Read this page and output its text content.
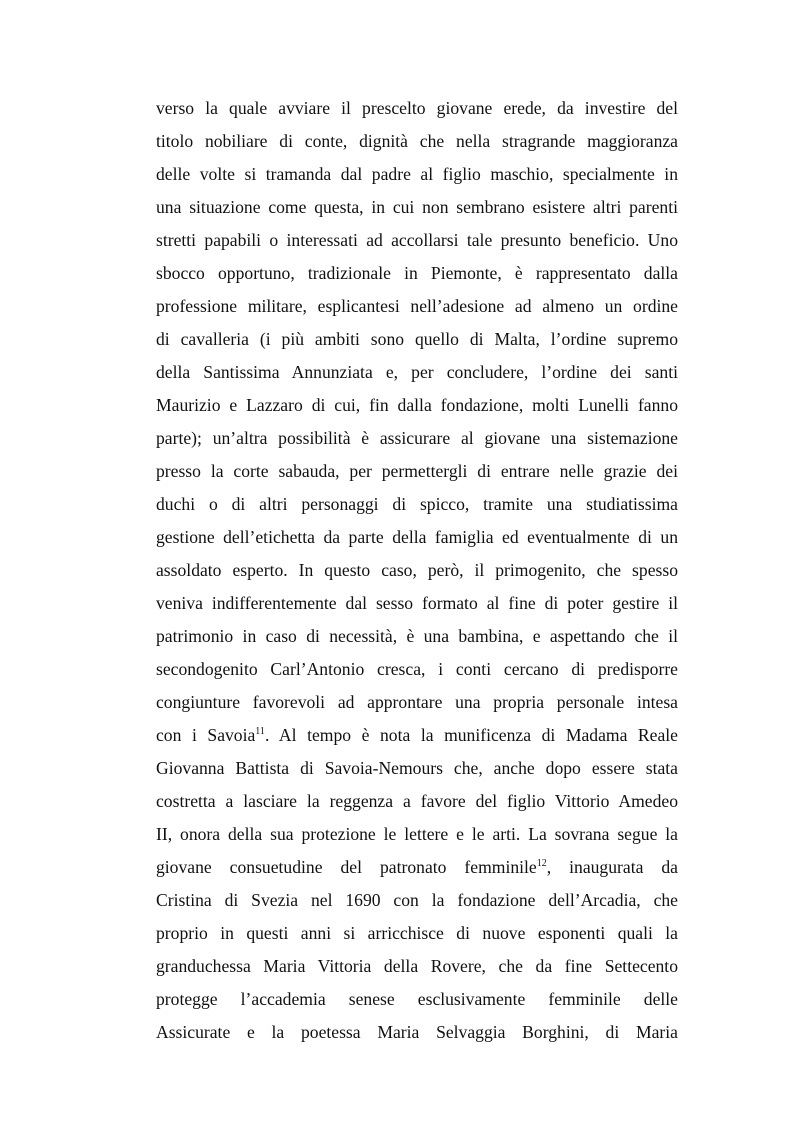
verso la quale avviare il prescelto giovane erede, da investire del
titolo nobiliare di conte, dignità che nella stragrande maggioranza
delle volte si tramanda dal padre al figlio maschio, specialmente in
una situazione come questa, in cui non sembrano esistere altri parenti
stretti papabili o interessati ad accollarsi tale presunto beneficio. Uno
sbocco opportuno, tradizionale in Piemonte, è rappresentato dalla
professione militare, esplicantesi nell’adesione ad almeno un ordine
di cavalleria (i più ambiti sono quello di Malta, l’ordine supremo
della Santissima Annunziata e, per concludere, l’ordine dei santi
Maurizio e Lazzaro di cui, fin dalla fondazione, molti Lunelli fanno
parte); un’altra possibilità è assicurare al giovane una sistemazione
presso la corte sabauda, per permettergli di entrare nelle grazie dei
duchi o di altri personaggi di spicco, tramite una studiatissima
gestione dell’etichetta da parte della famiglia ed eventualmente di un
assoldato esperto. In questo caso, però, il primogenito, che spesso
veniva indifferentemente dal sesso formato al fine di poter gestire il
patrimonio in caso di necessità, è una bambina, e aspettando che il
secondogenito Carl’Antonio cresca, i conti cercano di predisporre
congiunture favorevoli ad approntare una propria personale intesa
con i Savoia$^{11}$. Al tempo è nota la munificenza di Madama Reale
Giovanna Battista di Savoia-Nemours che, anche dopo essere stata
costretta a lasciare la reggenza a favore del figlio Vittorio Amedeo
II, onora della sua protezione le lettere e le arti. La sovrana segue la
giovane consuetudine del patronato femminile$^{12}$, inaugurata da
Cristina di Svezia nel 1690 con la fondazione dell’Arcadia, che
proprio in questi anni si arricchisce di nuove esponenti quali la
granduchessa Maria Vittoria della Rovere, che da fine Settecento
protegge l’accademia senese esclusivamente femminile delle
Assicurate e la poetessa Maria Selvaggia Borghini, di Maria
